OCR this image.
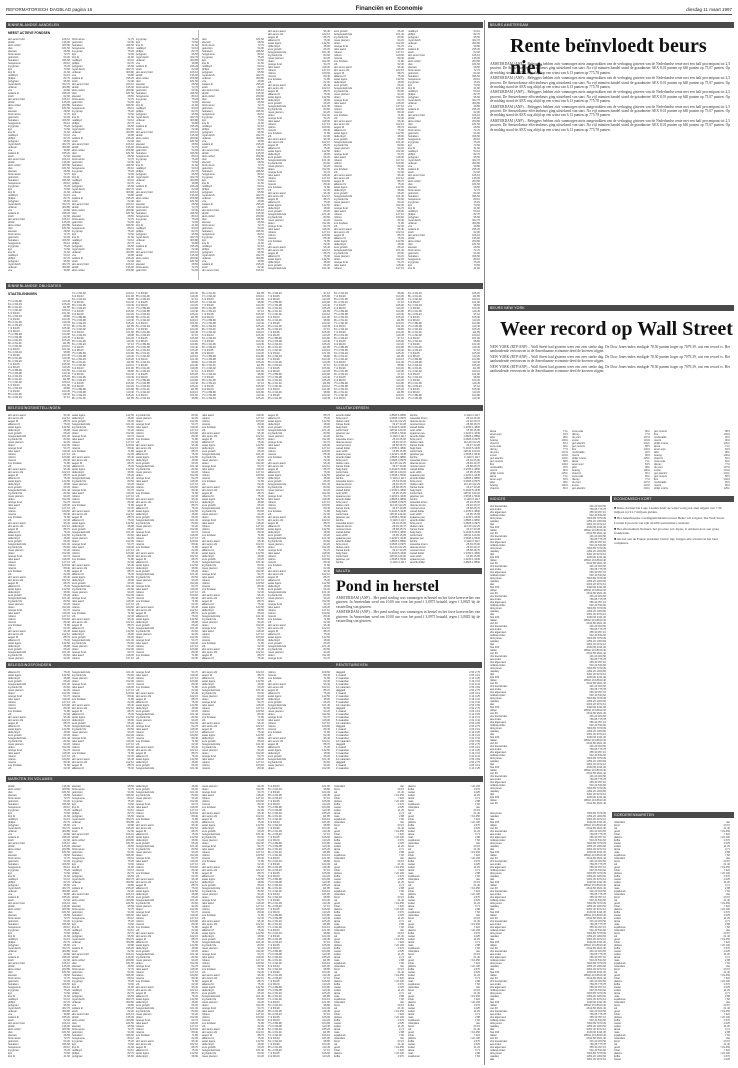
REFORMATORISCH DAGBLAD pagina 16	Financiën en Economie	dinsdag 11 maart 1997
BINNENLANDSE AANDELEN
MEEST ACTIEVE FONDSEN
abn amro hold	106,10
ahold	135,00
akzo nobel	260,80
dsm	181,50
elsevier	28,50
fortis amev	72,70
getronics	54,00
heineken	346,50
hoogovens	89,10
ing groep	75,20
kpn	73,60
knp bt	41,60
nedlloyd	53,10
philips	82,70
polygram	95,50
royal dutch	322,70
unilever	360,80
vnu	39,80
wolters kl	235,20
stork	62,00
abn amro hold	106,10
ahold	135,00
akzo nobel	260,80
dsm	181,50
elsevier	28,50
fortis amev	72,70
getronics	54,00
heineken	346,50
hoogovens	89,10
ing groep	75,20
kpn	73,60
knp bt	41,60
nedlloyd	53,10
philips	82,70
polygram	95,50
royal dutch	322,70
unilever	360,80
vnu	39,80
wolters kl	235,20
stork	62,00
abn amro hold	106,10
ahold	135,00
akzo nobel	260,80
dsm	181,50
elsevier	28,50
fortis amev	72,70
getronics	54,00
heineken	346,50
hoogovens	89,10
ing groep	75,20
kpn	73,60
knp bt	41,60
nedlloyd	53,10
philips	82,70
polygram	95,50
royal dutch	322,70
unilever	360,80
vnu	39,80
wolters kl	235,20
stork	62,00
abn amro hold	106,10
ahold	135,00
akzo nobel	260,80
dsm	181,50
elsevier	28,50
fortis amev	72,70
getronics	54,00
heineken	346,50
hoogovens	89,10
ing groep	75,20
kpn	73,60
knp bt	41,60
nedlloyd	53,10
philips	82,70
polygram	95,50
royal dutch	322,70
unilever	360,80
vnu	39,80
fortis amev	72,70
getronics	54,00
heineken	346,50
hoogovens	89,10
ing groep	75,20
kpn	73,60
knp bt	41,60
nedlloyd	53,10
philips	82,70
polygram	95,50
royal dutch	322,70
unilever	360,80
vnu	39,80
wolters kl	235,20
stork	62,00
abn amro hold	106,10
ahold	135,00
akzo nobel	260,80
dsm	181,50
elsevier	28,50
fortis amev	72,70
getronics	54,00
heineken	346,50
hoogovens	89,10
ing groep	75,20
kpn	73,60
knp bt	41,60
nedlloyd	53,10
philips	82,70
polygram	95,50
royal dutch	322,70
unilever	360,80
vnu	39,80
wolters kl	235,20
stork	62,00
abn amro hold	106,10
ahold	135,00
akzo nobel	260,80
dsm	181,50
elsevier	28,50
fortis amev	72,70
getronics	54,00
heineken	346,50
hoogovens	89,10
ing groep	75,20
kpn	73,60
knp bt	41,60
nedlloyd	53,10
philips	82,70
polygram	95,50
royal dutch	322,70
unilever	360,80
vnu	39,80
wolters kl	235,20
stork	62,00
abn amro hold	106,10
ahold	135,00
akzo nobel	260,80
dsm	181,50
elsevier	28,50
fortis amev	72,70
getronics	54,00
heineken	346,50
hoogovens	89,10
ing groep	75,20
kpn	73,60
knp bt	41,60
nedlloyd	53,10
philips	82,70
polygram	95,50
royal dutch	322,70
unilever	360,80
vnu	39,80
wolters kl	235,20
stork	62,00
abn amro hold	106,10
ahold	135,00
akzo nobel	260,80
ing groep	75,20
kpn	73,60
knp bt	41,60
nedlloyd	53,10
philips	82,70
polygram	95,50
royal dutch	322,70
unilever	360,80
vnu	39,80
wolters kl	235,20
stork	62,00
abn amro hold	106,10
ahold	135,00
akzo nobel	260,80
dsm	181,50
elsevier	28,50
fortis amev	72,70
getronics	54,00
heineken	346,50
hoogovens	89,10
ing groep	75,20
kpn	73,60
knp bt	41,60
nedlloyd	53,10
philips	82,70
polygram	95,50
royal dutch	322,70
unilever	360,80
vnu	39,80
wolters kl	235,20
stork	62,00
abn amro hold	106,10
ahold	135,00
akzo nobel	260,80
dsm	181,50
elsevier	28,50
fortis amev	72,70
getronics	54,00
heineken	346,50
hoogovens	89,10
ing groep	75,20
kpn	73,60
knp bt	41,60
nedlloyd	53,10
philips	82,70
polygram	95,50
royal dutch	322,70
unilever	360,80
vnu	39,80
wolters kl	235,20
stork	62,00
abn amro hold	106,10
ahold	135,00
akzo nobel	260,80
dsm	181,50
elsevier	28,50
fortis amev	72,70
getronics	54,00
heineken	346,50
hoogovens	89,10
ing groep	75,20
kpn	73,60
knp bt	41,60
nedlloyd	53,10
philips	82,70
polygram	95,50
royal dutch	322,70
unilever	360,80
vnu	39,80
wolters kl	235,20
stork	62,00
abn amro hold	106,10
ahold	135,00
akzo nobel	260,80
dsm	181,50
elsevier	28,50
fortis amev	72,70
getronics	54,00
dsm	181,50
elsevier	28,50
fortis amev	72,70
getronics	54,00
heineken	346,50
hoogovens	89,10
ing groep	75,20
kpn	73,60
knp bt	41,60
nedlloyd	53,10
philips	82,70
polygram	95,50
royal dutch	322,70
unilever	360,80
vnu	39,80
wolters kl	235,20
stork	62,00
abn amro hold	106,10
ahold	135,00
akzo nobel	260,80
dsm	181,50
elsevier	28,50
fortis amev	72,70
getronics	54,00
heineken	346,50
hoogovens	89,10
ing groep	75,20
kpn	73,60
knp bt	41,60
nedlloyd	53,10
philips	82,70
polygram	95,50
royal dutch	322,70
unilever	360,80
vnu	39,80
wolters kl	235,20
stork	62,00
abn amro hold	106,10
ahold	135,00
akzo nobel	260,80
dsm	181,50
elsevier	28,50
fortis amev	72,70
getronics	54,00
heineken	346,50
hoogovens	89,10
ing groep	75,20
kpn	73,60
knp bt	41,60
nedlloyd	53,10
philips	82,70
polygram	95,50
royal dutch	322,70
unilever	360,80
vnu	39,80
wolters kl	235,20
stork	62,00
abn amro hold	106,10
ahold	135,00
akzo nobel	260,80
dsm	181,50
elsevier	28,50
fortis amev	72,70
getronics	54,00
heineken	346,50
hoogovens	89,10
ing groep	75,20
kpn	73,60
knp bt	41,60
nedlloyd	53,10
philips	82,70
polygram	95,50
royal dutch	322,70
unilever	360,80
vnu	39,80
wolters kl	235,20
stork	62,00
abn amro hold	106,10
abn amro aand	96,40
abn amro obl	102,10
aegon fd	88,70
alliance fd	75,30
asian tigers	142,50
delta lloyd	48,90
euro growth	66,20
hoogrentefonds	101,40
ing bank fds	83,60
mees pierson	94,20
obam	312,00
orange fund	54,70
rabo aand	118,30
robeco	127,10
rolinco	109,60
rorento	89,40
sns fondsen	71,80
vib	62,30
abn amro aand	96,40
abn amro obl	102,10
aegon fd	88,70
alliance fd	75,30
asian tigers	142,50
delta lloyd	48,90
euro growth	66,20
hoogrentefonds	101,40
ing bank fds	83,60
mees pierson	94,20
obam	312,00
orange fund	54,70
rabo aand	118,30
robeco	127,10
rolinco	109,60
rorento	89,40
sns fondsen	71,80
vib	62,30
abn amro aand	96,40
abn amro obl	102,10
aegon fd	88,70
alliance fd	75,30
asian tigers	142,50
delta lloyd	48,90
euro growth	66,20
hoogrentefonds	101,40
ing bank fds	83,60
mees pierson	94,20
obam	312,00
orange fund	54,70
rabo aand	118,30
robeco	127,10
rolinco	109,60
rorento	89,40
sns fondsen	71,80
vib	62,30
abn amro aand	96,40
abn amro obl	102,10
aegon fd	88,70
alliance fd	75,30
asian tigers	142,50
delta lloyd	48,90
euro growth	66,20
hoogrentefonds	101,40
ing bank fds	83,60
mees pierson	94,20
obam	312,00
orange fund	54,70
rabo aand	118,30
robeco	127,10
rolinco	109,60
rorento	89,40
sns fondsen	71,80
vib	62,30
abn amro aand	96,40
abn amro obl	102,10
aegon fd	88,70
alliance fd	75,30
asian tigers	142,50
delta lloyd	48,90
euro growth	66,20
hoogrentefonds	101,40
euro growth	66,20
hoogrentefonds	101,40
ing bank fds	83,60
mees pierson	94,20
obam	312,00
orange fund	54,70
rabo aand	118,30
robeco	127,10
rolinco	109,60
rorento	89,40
sns fondsen	71,80
vib	62,30
abn amro aand	96,40
abn amro obl	102,10
aegon fd	88,70
alliance fd	75,30
asian tigers	142,50
delta lloyd	48,90
euro growth	66,20
hoogrentefonds	101,40
ing bank fds	83,60
mees pierson	94,20
obam	312,00
orange fund	54,70
rabo aand	118,30
robeco	127,10
rolinco	109,60
rorento	89,40
sns fondsen	71,80
vib	62,30
abn amro aand	96,40
abn amro obl	102,10
aegon fd	88,70
alliance fd	75,30
asian tigers	142,50
delta lloyd	48,90
euro growth	66,20
hoogrentefonds	101,40
ing bank fds	83,60
mees pierson	94,20
obam	312,00
orange fund	54,70
rabo aand	118,30
robeco	127,10
rolinco	109,60
rorento	89,40
sns fondsen	71,80
vib	62,30
abn amro aand	96,40
abn amro obl	102,10
aegon fd	88,70
alliance fd	75,30
asian tigers	142,50
delta lloyd	48,90
euro growth	66,20
hoogrentefonds	101,40
ing bank fds	83,60
mees pierson	94,20
obam	312,00
orange fund	54,70
rabo aand	118,30
robeco	127,10
rolinco	109,60
rorento	89,40
sns fondsen	71,80
vib	62,30
abn amro aand	96,40
abn amro obl	102,10
aegon fd	88,70
alliance fd	75,30
asian tigers	142,50
delta lloyd	48,90
euro growth	66,20
hoogrentefonds	101,40
ing bank fds	83,60
mees pierson	94,20
obam	312,00
orange fund	54,70
rabo aand	118,30
robeco	127,10
nedlloyd	53,10
philips	82,70
polygram	95,50
royal dutch	322,70
unilever	360,80
vnu	39,80
wolters kl	235,20
stork	62,00
abn amro hold	106,10
ahold	135,00
akzo nobel	260,80
dsm	181,50
elsevier	28,50
fortis amev	72,70
getronics	54,00
heineken	346,50
hoogovens	89,10
ing groep	75,20
kpn	73,60
knp bt	41,60
nedlloyd	53,10
philips	82,70
polygram	95,50
royal dutch	322,70
unilever	360,80
vnu	39,80
wolters kl	235,20
stork	62,00
abn amro hold	106,10
ahold	135,00
akzo nobel	260,80
dsm	181,50
elsevier	28,50
fortis amev	72,70
getronics	54,00
heineken	346,50
hoogovens	89,10
ing groep	75,20
kpn	73,60
knp bt	41,60
nedlloyd	53,10
philips	82,70
polygram	95,50
royal dutch	322,70
unilever	360,80
vnu	39,80
wolters kl	235,20
stork	62,00
abn amro hold	106,10
ahold	135,00
akzo nobel	260,80
dsm	181,50
elsevier	28,50
fortis amev	72,70
getronics	54,00
heineken	346,50
hoogovens	89,10
ing groep	75,20
kpn	73,60
knp bt	41,60
nedlloyd	53,10
philips	82,70
polygram	95,50
royal dutch	322,70
unilever	360,80
vnu	39,80
wolters kl	235,20
stork	62,00
abn amro hold	106,10
ahold	135,00
akzo nobel	260,80
dsm	181,50
elsevier	28,50
fortis amev	72,70
getronics	54,00
heineken	346,50
hoogovens	89,10
ing groep	75,20
kpn	73,60
knp bt	41,60
BINNENLANDSE OBLIGATIES
STAATSLENINGEN
7½ nl 93-08	110,40
6¾ nl 94-04	105,20
8¼ nl 91-01	111,85
7¾ nl 92-02	109,10
6 nl 93-03	101,90
5¾ nl 94-04	98,80
7 nl 93-99	104,30
8½ nl 91-06	119,45
6¼ nl 93-23	97,10
7 nl 94-05	105,90
9 nl 90-00	113,20
7½ nl 89-99	104,80
7½ nl 93-08	110,40
6¾ nl 94-04	105,20
8¼ nl 91-01	111,85
7¾ nl 92-02	109,10
6 nl 93-03	101,90
5¾ nl 94-04	98,80
7 nl 93-99	104,30
8½ nl 91-06	119,45
6¼ nl 93-23	97,10
7 nl 94-05	105,90
9 nl 90-00	113,20
7½ nl 89-99	104,80
7½ nl 93-08	110,40
6¾ nl 94-04	105,20
8¼ nl 91-01	111,85
7¾ nl 92-02	109,10
6 nl 93-03	101,90
5¾ nl 94-04	98,80
7 nl 93-99	104,30
8½ nl 91-06	119,45
6¼ nl 93-23	97,10
7¾ nl 92-02	109,10
6 nl 93-03	101,90
5¾ nl 94-04	98,80
7 nl 93-99	104,30
8½ nl 91-06	119,45
6¼ nl 93-23	97,10
7 nl 94-05	105,90
9 nl 90-00	113,20
7½ nl 89-99	104,80
7½ nl 93-08	110,40
6¾ nl 94-04	105,20
8¼ nl 91-01	111,85
7¾ nl 92-02	109,10
6 nl 93-03	101,90
5¾ nl 94-04	98,80
7 nl 93-99	104,30
8½ nl 91-06	119,45
6¼ nl 93-23	97,10
7 nl 94-05	105,90
9 nl 90-00	113,20
7½ nl 89-99	104,80
7½ nl 93-08	110,40
6¾ nl 94-04	105,20
8¼ nl 91-01	111,85
7¾ nl 92-02	109,10
6 nl 93-03	101,90
5¾ nl 94-04	98,80
7 nl 93-99	104,30
8½ nl 91-06	119,45
6¼ nl 93-23	97,10
7 nl 94-05	105,90
9 nl 90-00	113,20
7½ nl 89-99	104,80
7½ nl 93-08	110,40
6¾ nl 94-04	105,20
8¼ nl 91-01	111,85
7 nl 93-99	104,30
8½ nl 91-06	119,45
6¼ nl 93-23	97,10
7 nl 94-05	105,90
9 nl 90-00	113,20
7½ nl 89-99	104,80
7½ nl 93-08	110,40
6¾ nl 94-04	105,20
8¼ nl 91-01	111,85
7¾ nl 92-02	109,10
6 nl 93-03	101,90
5¾ nl 94-04	98,80
7 nl 93-99	104,30
8½ nl 91-06	119,45
6¼ nl 93-23	97,10
7 nl 94-05	105,90
9 nl 90-00	113,20
7½ nl 89-99	104,80
7½ nl 93-08	110,40
6¾ nl 94-04	105,20
8¼ nl 91-01	111,85
7¾ nl 92-02	109,10
6 nl 93-03	101,90
5¾ nl 94-04	98,80
7 nl 93-99	104,30
8½ nl 91-06	119,45
6¼ nl 93-23	97,10
7 nl 94-05	105,90
9 nl 90-00	113,20
7½ nl 89-99	104,80
7½ nl 93-08	110,40
6¾ nl 94-04	105,20
8¼ nl 91-01	111,85
7¾ nl 92-02	109,10
6 nl 93-03	101,90
5¾ nl 94-04	98,80
8¼ nl 91-01	111,85
7¾ nl 92-02	109,10
6 nl 93-03	101,90
5¾ nl 94-04	98,80
7 nl 93-99	104,30
8½ nl 91-06	119,45
6¼ nl 93-23	97,10
7 nl 94-05	105,90
9 nl 90-00	113,20
7½ nl 89-99	104,80
7½ nl 93-08	110,40
6¾ nl 94-04	105,20
8¼ nl 91-01	111,85
7¾ nl 92-02	109,10
6 nl 93-03	101,90
5¾ nl 94-04	98,80
7 nl 93-99	104,30
8½ nl 91-06	119,45
6¼ nl 93-23	97,10
7 nl 94-05	105,90
9 nl 90-00	113,20
7½ nl 89-99	104,80
7½ nl 93-08	110,40
6¾ nl 94-04	105,20
8¼ nl 91-01	111,85
7¾ nl 92-02	109,10
6 nl 93-03	101,90
5¾ nl 94-04	98,80
7 nl 93-99	104,30
8½ nl 91-06	119,45
6¼ nl 93-23	97,10
7 nl 94-05	105,90
9 nl 90-00	113,20
7½ nl 89-99	104,80
7½ nl 93-08	110,40
6¾ nl 94-04	105,20
6¼ nl 93-23	97,10
7 nl 94-05	105,90
9 nl 90-00	113,20
7½ nl 89-99	104,80
7½ nl 93-08	110,40
6¾ nl 94-04	105,20
8¼ nl 91-01	111,85
7¾ nl 92-02	109,10
6 nl 93-03	101,90
5¾ nl 94-04	98,80
7 nl 93-99	104,30
8½ nl 91-06	119,45
6¼ nl 93-23	97,10
7 nl 94-05	105,90
9 nl 90-00	113,20
7½ nl 89-99	104,80
7½ nl 93-08	110,40
6¾ nl 94-04	105,20
8¼ nl 91-01	111,85
7¾ nl 92-02	109,10
6 nl 93-03	101,90
5¾ nl 94-04	98,80
7 nl 93-99	104,30
8½ nl 91-06	119,45
6¼ nl 93-23	97,10
7 nl 94-05	105,90
9 nl 90-00	113,20
7½ nl 89-99	104,80
7½ nl 93-08	110,40
6¾ nl 94-04	105,20
8¼ nl 91-01	111,85
7¾ nl 92-02	109,10
6 nl 93-03	101,90
5¾ nl 94-04	98,80
7 nl 93-99	104,30
8½ nl 91-06	119,45
5¾ nl 94-04	98,80
7 nl 93-99	104,30
8½ nl 91-06	119,45
6¼ nl 93-23	97,10
7 nl 94-05	105,90
9 nl 90-00	113,20
7½ nl 89-99	104,80
7½ nl 93-08	110,40
6¾ nl 94-04	105,20
8¼ nl 91-01	111,85
7¾ nl 92-02	109,10
6 nl 93-03	101,90
5¾ nl 94-04	98,80
7 nl 93-99	104,30
8½ nl 91-06	119,45
6¼ nl 93-23	97,10
7 nl 94-05	105,90
9 nl 90-00	113,20
7½ nl 89-99	104,80
7½ nl 93-08	110,40
6¾ nl 94-04	105,20
8¼ nl 91-01	111,85
7¾ nl 92-02	109,10
6 nl 93-03	101,90
5¾ nl 94-04	98,80
7 nl 93-99	104,30
8½ nl 91-06	119,45
6¼ nl 93-23	97,10
7 nl 94-05	105,90
9 nl 90-00	113,20
7½ nl 89-99	104,80
7½ nl 93-08	110,40
6¾ nl 94-04	105,20
8¼ nl 91-01	111,85
7¾ nl 92-02	109,10
6 nl 93-03	101,90
6¾ nl 94-04	105,20
8¼ nl 91-01	111,85
7¾ nl 92-02	109,10
6 nl 93-03	101,90
5¾ nl 94-04	98,80
7 nl 93-99	104,30
8½ nl 91-06	119,45
6¼ nl 93-23	97,10
7 nl 94-05	105,90
9 nl 90-00	113,20
7½ nl 89-99	104,80
7½ nl 93-08	110,40
6¾ nl 94-04	105,20
8¼ nl 91-01	111,85
7¾ nl 92-02	109,10
6 nl 93-03	101,90
5¾ nl 94-04	98,80
7 nl 93-99	104,30
8½ nl 91-06	119,45
6¼ nl 93-23	97,10
7 nl 94-05	105,90
9 nl 90-00	113,20
7½ nl 89-99	104,80
7½ nl 93-08	110,40
6¾ nl 94-04	105,20
8¼ nl 91-01	111,85
7¾ nl 92-02	109,10
6 nl 93-03	101,90
5¾ nl 94-04	98,80
7 nl 93-99	104,30
8½ nl 91-06	119,45
6¼ nl 93-23	97,10
7 nl 94-05	105,90
9 nl 90-00	113,20
7½ nl 89-99	104,80
7½ nl 93-08	110,40
BELEGGINGSINSTELLINGEN
abn amro aand	96,40
abn amro obl	102,10
aegon fd	88,70
alliance fd	75,30
asian tigers	142,50
delta lloyd	48,90
euro growth	66,20
hoogrentefonds	101,40
ing bank fds	83,60
mees pierson	94,20
obam	312,00
orange fund	54,70
rabo aand	118,30
robeco	127,10
rolinco	109,60
rorento	89,40
sns fondsen	71,80
vib	62,30
abn amro aand	96,40
abn amro obl	102,10
aegon fd	88,70
alliance fd	75,30
asian tigers	142,50
delta lloyd	48,90
euro growth	66,20
hoogrentefonds	101,40
ing bank fds	83,60
mees pierson	94,20
obam	312,00
orange fund	54,70
rabo aand	118,30
robeco	127,10
rolinco	109,60
rorento	89,40
sns fondsen	71,80
vib	62,30
abn amro aand	96,40
abn amro obl	102,10
aegon fd	88,70
alliance fd	75,30
asian tigers	142,50
delta lloyd	48,90
euro growth	66,20
hoogrentefonds	101,40
ing bank fds	83,60
mees pierson	94,20
obam	312,00
orange fund	54,70
rabo aand	118,30
robeco	127,10
rolinco	109,60
rorento	89,40
sns fondsen	71,80
vib	62,30
abn amro aand	96,40
abn amro obl	102,10
aegon fd	88,70
alliance fd	75,30
asian tigers	142,50
delta lloyd	48,90
euro growth	66,20
hoogrentefonds	101,40
ing bank fds	83,60
mees pierson	94,20
obam	312,00
orange fund	54,70
rabo aand	118,30
robeco	127,10
rolinco	109,60
rorento	89,40
sns fondsen	71,80
vib	62,30
abn amro aand	96,40
abn amro obl	102,10
aegon fd	88,70
alliance fd	75,30
asian tigers	142,50
delta lloyd	48,90
euro growth	66,20
hoogrentefonds	101,40
ing bank fds	83,60
mees pierson	94,20
asian tigers	142,50
delta lloyd	48,90
euro growth	66,20
hoogrentefonds	101,40
ing bank fds	83,60
mees pierson	94,20
obam	312,00
orange fund	54,70
rabo aand	118,30
robeco	127,10
rolinco	109,60
rorento	89,40
sns fondsen	71,80
vib	62,30
abn amro aand	96,40
abn amro obl	102,10
aegon fd	88,70
alliance fd	75,30
asian tigers	142,50
delta lloyd	48,90
euro growth	66,20
hoogrentefonds	101,40
ing bank fds	83,60
mees pierson	94,20
obam	312,00
orange fund	54,70
rabo aand	118,30
robeco	127,10
rolinco	109,60
rorento	89,40
sns fondsen	71,80
vib	62,30
abn amro aand	96,40
abn amro obl	102,10
aegon fd	88,70
alliance fd	75,30
asian tigers	142,50
delta lloyd	48,90
euro growth	66,20
hoogrentefonds	101,40
ing bank fds	83,60
mees pierson	94,20
obam	312,00
orange fund	54,70
rabo aand	118,30
robeco	127,10
rolinco	109,60
rorento	89,40
sns fondsen	71,80
vib	62,30
abn amro aand	96,40
abn amro obl	102,10
aegon fd	88,70
alliance fd	75,30
asian tigers	142,50
delta lloyd	48,90
euro growth	66,20
hoogrentefonds	101,40
ing bank fds	83,60
mees pierson	94,20
obam	312,00
orange fund	54,70
rabo aand	118,30
robeco	127,10
rolinco	109,60
rorento	89,40
sns fondsen	71,80
vib	62,30
abn amro aand	96,40
abn amro obl	102,10
aegon fd	88,70
alliance fd	75,30
asian tigers	142,50
delta lloyd	48,90
euro growth	66,20
hoogrentefonds	101,40
ing bank fds	83,60
mees pierson	94,20
obam	312,00
orange fund	54,70
rabo aand	118,30
robeco	127,10
ing bank fds	83,60
mees pierson	94,20
obam	312,00
orange fund	54,70
rabo aand	118,30
robeco	127,10
rolinco	109,60
rorento	89,40
sns fondsen	71,80
vib	62,30
abn amro aand	96,40
abn amro obl	102,10
aegon fd	88,70
alliance fd	75,30
asian tigers	142,50
delta lloyd	48,90
euro growth	66,20
hoogrentefonds	101,40
ing bank fds	83,60
mees pierson	94,20
obam	312,00
orange fund	54,70
rabo aand	118,30
robeco	127,10
rolinco	109,60
rorento	89,40
sns fondsen	71,80
vib	62,30
abn amro aand	96,40
abn amro obl	102,10
aegon fd	88,70
alliance fd	75,30
asian tigers	142,50
delta lloyd	48,90
euro growth	66,20
hoogrentefonds	101,40
ing bank fds	83,60
mees pierson	94,20
obam	312,00
orange fund	54,70
rabo aand	118,30
robeco	127,10
rolinco	109,60
rorento	89,40
sns fondsen	71,80
vib	62,30
abn amro aand	96,40
abn amro obl	102,10
aegon fd	88,70
alliance fd	75,30
asian tigers	142,50
delta lloyd	48,90
euro growth	66,20
hoogrentefonds	101,40
ing bank fds	83,60
mees pierson	94,20
obam	312,00
orange fund	54,70
rabo aand	118,30
robeco	127,10
rolinco	109,60
rorento	89,40
sns fondsen	71,80
vib	62,30
abn amro aand	96,40
abn amro obl	102,10
aegon fd	88,70
alliance fd	75,30
asian tigers	142,50
delta lloyd	48,90
euro growth	66,20
hoogrentefonds	101,40
ing bank fds	83,60
mees pierson	94,20
obam	312,00
orange fund	54,70
rabo aand	118,30
robeco	127,10
rolinco	109,60
rorento	89,40
sns fondsen	71,80
vib	62,30
rabo aand	118,30
robeco	127,10
rolinco	109,60
rorento	89,40
sns fondsen	71,80
vib	62,30
abn amro aand	96,40
abn amro obl	102,10
aegon fd	88,70
alliance fd	75,30
asian tigers	142,50
delta lloyd	48,90
euro growth	66,20
hoogrentefonds	101,40
ing bank fds	83,60
mees pierson	94,20
obam	312,00
orange fund	54,70
rabo aand	118,30
robeco	127,10
rolinco	109,60
rorento	89,40
sns fondsen	71,80
vib	62,30
abn amro aand	96,40
abn amro obl	102,10
aegon fd	88,70
alliance fd	75,30
asian tigers	142,50
delta lloyd	48,90
euro growth	66,20
hoogrentefonds	101,40
ing bank fds	83,60
mees pierson	94,20
obam	312,00
orange fund	54,70
rabo aand	118,30
robeco	127,10
rolinco	109,60
rorento	89,40
sns fondsen	71,80
vib	62,30
abn amro aand	96,40
abn amro obl	102,10
aegon fd	88,70
alliance fd	75,30
asian tigers	142,50
delta lloyd	48,90
euro growth	66,20
hoogrentefonds	101,40
ing bank fds	83,60
mees pierson	94,20
obam	312,00
orange fund	54,70
rabo aand	118,30
robeco	127,10
rolinco	109,60
rorento	89,40
sns fondsen	71,80
vib	62,30
abn amro aand	96,40
abn amro obl	102,10
aegon fd	88,70
alliance fd	75,30
asian tigers	142,50
delta lloyd	48,90
euro growth	66,20
hoogrentefonds	101,40
ing bank fds	83,60
mees pierson	94,20
obam	312,00
orange fund	54,70
rabo aand	118,30
robeco	127,10
rolinco	109,60
rorento	89,40
sns fondsen	71,80
vib	62,30
abn amro aand	96,40
abn amro obl	102,10
aegon fd	88,70
alliance fd	75,30
aegon fd	88,70
alliance fd	75,30
asian tigers	142,50
delta lloyd	48,90
euro growth	66,20
hoogrentefonds	101,40
ing bank fds	83,60
mees pierson	94,20
obam	312,00
orange fund	54,70
rabo aand	118,30
robeco	127,10
rolinco	109,60
rorento	89,40
sns fondsen	71,80
vib	62,30
abn amro aand	96,40
abn amro obl	102,10
aegon fd	88,70
alliance fd	75,30
asian tigers	142,50
delta lloyd	48,90
euro growth	66,20
hoogrentefonds	101,40
ing bank fds	83,60
mees pierson	94,20
obam	312,00
orange fund	54,70
rabo aand	118,30
robeco	127,10
rolinco	109,60
rorento	89,40
sns fondsen	71,80
vib	62,30
abn amro aand	96,40
abn amro obl	102,10
aegon fd	88,70
alliance fd	75,30
asian tigers	142,50
delta lloyd	48,90
euro growth	66,20
hoogrentefonds	101,40
ing bank fds	83,60
mees pierson	94,20
obam	312,00
orange fund	54,70
rabo aand	118,30
robeco	127,10
rolinco	109,60
rorento	89,40
sns fondsen	71,80
vib	62,30
abn amro aand	96,40
abn amro obl	102,10
aegon fd	88,70
alliance fd	75,30
asian tigers	142,50
delta lloyd	48,90
euro growth	66,20
hoogrentefonds	101,40
ing bank fds	83,60
mees pierson	94,20
obam	312,00
orange fund	54,70
rabo aand	118,30
robeco	127,10
rolinco	109,60
rorento	89,40
sns fondsen	71,80
vib	62,30
abn amro aand	96,40
abn amro obl	102,10
aegon fd	88,70
alliance fd	75,30
asian tigers	142,50
delta lloyd	48,90
euro growth	66,20
hoogrentefonds	101,40
ing bank fds	83,60
mees pierson	94,20
obam	312,00
orange fund	54,70
VALUTAKOERSEN
amerik dollar	1,8825 1,8860
brits pond	3,0825 3,0975
duitse mark	112,26 112,25
franse frank	33,27 33,28
belg frank	5,4440 5,4445
zwits frank	128,91 129,02
japanse yen	1,5635 1,5640
ital lire	0,1116 0,1117
zweedse kroon	25,04 25,06
deense kroon	29,46 29,47
noorse kroon	28,68 28,70
canad dollar	1,3780 1,3800
oost schill	15,95 15,95
spaanse pes	1,3240 1,3245
amerik dollar	1,8825 1,8860
brits pond	3,0825 3,0975
duitse mark	112,26 112,25
franse frank	33,27 33,28
belg frank	5,4440 5,4445
zwits frank	128,91 129,02
japanse yen	1,5635 1,5640
ital lire	0,1116 0,1117
zweedse kroon	25,04 25,06
deense kroon	29,46 29,47
noorse kroon	28,68 28,70
canad dollar	1,3780 1,3800
oost schill	15,95 15,95
spaanse pes	1,3240 1,3245
amerik dollar	1,8825 1,8860
brits pond	3,0825 3,0975
duitse mark	112,26 112,25
franse frank	33,27 33,28
belg frank	5,4440 5,4445
zwits frank	128,91 129,02
japanse yen	1,5635 1,5640
ital lire	0,1116 0,1117
zweedse kroon	25,04 25,06
deense kroon	29,46 29,47
noorse kroon	28,68 28,70
canad dollar	1,3780 1,3800
oost schill	15,95 15,95
spaanse pes	1,3240 1,3245
amerik dollar	1,8825 1,8860
brits pond	3,0825 3,0975
duitse mark	112,26 112,25
franse frank	33,27 33,28
belg frank	5,4440 5,4445
zwits frank	128,91 129,02
japanse yen	1,5635 1,5640
ital lire	0,1116 0,1117
ital lire	0,1116 0,1117
zweedse kroon	25,04 25,06
deense kroon	29,46 29,47
noorse kroon	28,68 28,70
canad dollar	1,3780 1,3800
oost schill	15,95 15,95
spaanse pes	1,3240 1,3245
amerik dollar	1,8825 1,8860
brits pond	3,0825 3,0975
duitse mark	112,26 112,25
franse frank	33,27 33,28
belg frank	5,4440 5,4445
zwits frank	128,91 129,02
japanse yen	1,5635 1,5640
ital lire	0,1116 0,1117
zweedse kroon	25,04 25,06
deense kroon	29,46 29,47
noorse kroon	28,68 28,70
canad dollar	1,3780 1,3800
oost schill	15,95 15,95
spaanse pes	1,3240 1,3245
amerik dollar	1,8825 1,8860
brits pond	3,0825 3,0975
duitse mark	112,26 112,25
franse frank	33,27 33,28
belg frank	5,4440 5,4445
zwits frank	128,91 129,02
japanse yen	1,5635 1,5640
ital lire	0,1116 0,1117
zweedse kroon	25,04 25,06
deense kroon	29,46 29,47
noorse kroon	28,68 28,70
canad dollar	1,3780 1,3800
oost schill	15,95 15,95
spaanse pes	1,3240 1,3245
amerik dollar	1,8825 1,8860
brits pond	3,0825 3,0975
duitse mark	112,26 112,25
franse frank	33,27 33,28
belg frank	5,4440 5,4445
zwits frank	128,91 129,02
japanse yen	1,5635 1,5640
ital lire	0,1116 0,1117
zweedse kroon	25,04 25,06
deense kroon	29,46 29,47
noorse kroon	28,68 28,70
canad dollar	1,3780 1,3800
oost schill	15,95 15,95
spaanse pes	1,3240 1,3245
amerik dollar	1,8825 1,8860
VALUTA
Pond in herstel

AMSTERDAM (ANP) – Het pond sterling was vanmorgen in herstel na het forse koersverlies van gisteren. In Amsterdam werd om 10.00 uur voor het pond f 3,0975 betaald, tegen f 3,0825 bij de vaststelling van gisteren.

AMSTERDAM (ANP) – Het pond sterling was vanmorgen in herstel na het forse koersverlies van gisteren. In Amsterdam werd om 10.00 uur voor het pond f 3,0975 betaald, tegen f 3,0825 bij de vaststelling van gisteren.

BELEGGINGSFONDSEN
alliance fd	75,30
asian tigers	142,50
delta lloyd	48,90
euro growth	66,20
hoogrentefonds	101,40
ing bank fds	83,60
mees pierson	94,20
obam	312,00
orange fund	54,70
rabo aand	118,30
robeco	127,10
rolinco	109,60
rorento	89,40
sns fondsen	71,80
vib	62,30
abn amro aand	96,40
abn amro obl	102,10
aegon fd	88,70
alliance fd	75,30
asian tigers	142,50
delta lloyd	48,90
euro growth	66,20
hoogrentefonds	101,40
ing bank fds	83,60
mees pierson	94,20
obam	312,00
orange fund	54,70
rabo aand	118,30
robeco	127,10
rolinco	109,60
rorento	89,40
sns fondsen	71,80
vib	62,30
hoogrentefonds	101,40
ing bank fds	83,60
mees pierson	94,20
obam	312,00
orange fund	54,70
rabo aand	118,30
robeco	127,10
rolinco	109,60
rorento	89,40
sns fondsen	71,80
vib	62,30
abn amro aand	96,40
abn amro obl	102,10
aegon fd	88,70
alliance fd	75,30
asian tigers	142,50
delta lloyd	48,90
euro growth	66,20
hoogrentefonds	101,40
ing bank fds	83,60
mees pierson	94,20
obam	312,00
orange fund	54,70
rabo aand	118,30
robeco	127,10
rolinco	109,60
rorento	89,40
sns fondsen	71,80
vib	62,30
abn amro aand	96,40
abn amro obl	102,10
aegon fd	88,70
alliance fd	75,30
orange fund	54,70
rabo aand	118,30
robeco	127,10
rolinco	109,60
rorento	89,40
sns fondsen	71,80
vib	62,30
abn amro aand	96,40
abn amro obl	102,10
aegon fd	88,70
alliance fd	75,30
asian tigers	142,50
delta lloyd	48,90
euro growth	66,20
hoogrentefonds	101,40
ing bank fds	83,60
mees pierson	94,20
obam	312,00
orange fund	54,70
rabo aand	118,30
robeco	127,10
rolinco	109,60
rorento	89,40
sns fondsen	71,80
vib	62,30
abn amro aand	96,40
abn amro obl	102,10
aegon fd	88,70
alliance fd	75,30
asian tigers	142,50
delta lloyd	48,90
euro growth	66,20
hoogrentefonds	101,40
abn amro obl	102,10
aegon fd	88,70
alliance fd	75,30
asian tigers	142,50
delta lloyd	48,90
euro growth	66,20
hoogrentefonds	101,40
ing bank fds	83,60
mees pierson	94,20
obam	312,00
orange fund	54,70
rabo aand	118,30
robeco	127,10
rolinco	109,60
rorento	89,40
sns fondsen	71,80
vib	62,30
abn amro aand	96,40
abn amro obl	102,10
aegon fd	88,70
alliance fd	75,30
asian tigers	142,50
delta lloyd	48,90
euro growth	66,20
hoogrentefonds	101,40
ing bank fds	83,60
mees pierson	94,20
obam	312,00
orange fund	54,70
rabo aand	118,30
robeco	127,10
rolinco	109,60
rorento	89,40
rolinco	109,60
rorento	89,40
sns fondsen	71,80
vib	62,30
abn amro aand	96,40
abn amro obl	102,10
aegon fd	88,70
alliance fd	75,30
asian tigers	142,50
delta lloyd	48,90
euro growth	66,20
hoogrentefonds	101,40
ing bank fds	83,60
mees pierson	94,20
obam	312,00
orange fund	54,70
rabo aand	118,30
robeco	127,10
rolinco	109,60
rorento	89,40
sns fondsen	71,80
vib	62,30
abn amro aand	96,40
abn amro obl	102,10
aegon fd	88,70
alliance fd	75,30
asian tigers	142,50
delta lloyd	48,90
euro growth	66,20
hoogrentefonds	101,40
ing bank fds	83,60
mees pierson	94,20
obam	312,00
RENTETARIEVEN
daggeld	2,50 2,75
1 maand	3,06 3,19
2 maanden	3,12 3,25
3 maanden	3,19 3,31
6 maanden	3,31 3,44
12 maanden	3,56 3,69
daggeld	2,50 2,75
1 maand	3,06 3,19
2 maanden	3,12 3,25
3 maanden	3,19 3,31
6 maanden	3,31 3,44
12 maanden	3,56 3,69
daggeld	2,50 2,75
1 maand	3,06 3,19
2 maanden	3,12 3,25
3 maanden	3,19 3,31
6 maanden	3,31 3,44
12 maanden	3,56 3,69
daggeld	2,50 2,75
1 maand	3,06 3,19
2 maanden	3,12 3,25
3 maanden	3,19 3,31
6 maanden	3,31 3,44
12 maanden	3,56 3,69
daggeld	2,50 2,75
1 maand	3,06 3,19
2 maanden	3,12 3,25
3 maanden	3,19 3,31
6 maanden	3,31 3,44
12 maanden	3,56 3,69
daggeld	2,50 2,75
1 maand	3,06 3,19
2 maanden	3,12 3,25
MARKTEN EN VOLUMES
ahold	135,00
akzo nobel	260,80
dsm	181,50
elsevier	28,50
fortis amev	72,70
getronics	54,00
heineken	346,50
hoogovens	89,10
ing groep	75,20
kpn	73,60
knp bt	41,60
nedlloyd	53,10
philips	82,70
polygram	95,50
royal dutch	322,70
unilever	360,80
vnu	39,80
wolters kl	235,20
stork	62,00
abn amro hold	106,10
ahold	135,00
akzo nobel	260,80
dsm	181,50
elsevier	28,50
fortis amev	72,70
getronics	54,00
heineken	346,50
hoogovens	89,10
ing groep	75,20
kpn	73,60
knp bt	41,60
nedlloyd	53,10
philips	82,70
polygram	95,50
royal dutch	322,70
unilever	360,80
vnu	39,80
wolters kl	235,20
stork	62,00
abn amro hold	106,10
ahold	135,00
akzo nobel	260,80
dsm	181,50
elsevier	28,50
fortis amev	72,70
getronics	54,00
heineken	346,50
hoogovens	89,10
ing groep	75,20
kpn	73,60
knp bt	41,60
nedlloyd	53,10
philips	82,70
polygram	95,50
royal dutch	322,70
unilever	360,80
vnu	39,80
wolters kl	235,20
stork	62,00
abn amro hold	106,10
ahold	135,00
akzo nobel	260,80
dsm	181,50
elsevier	28,50
fortis amev	72,70
getronics	54,00
heineken	346,50
hoogovens	89,10
ing groep	75,20
kpn	73,60
knp bt	41,60
nedlloyd	53,10
philips	82,70
polygram	95,50
royal dutch	322,70
unilever	360,80
vnu	39,80
wolters kl	235,20
stork	62,00
abn amro hold	106,10
ahold	135,00
akzo nobel	260,80
dsm	181,50
elsevier	28,50
fortis amev	72,70
getronics	54,00
heineken	346,50
hoogovens	89,10
ing groep	75,20
kpn	73,60
knp bt	41,60
elsevier	28,50
fortis amev	72,70
getronics	54,00
heineken	346,50
hoogovens	89,10
ing groep	75,20
kpn	73,60
knp bt	41,60
nedlloyd	53,10
philips	82,70
polygram	95,50
royal dutch	322,70
unilever	360,80
vnu	39,80
wolters kl	235,20
stork	62,00
abn amro hold	106,10
ahold	135,00
akzo nobel	260,80
dsm	181,50
elsevier	28,50
fortis amev	72,70
getronics	54,00
heineken	346,50
hoogovens	89,10
ing groep	75,20
kpn	73,60
knp bt	41,60
nedlloyd	53,10
philips	82,70
polygram	95,50
royal dutch	322,70
unilever	360,80
vnu	39,80
wolters kl	235,20
stork	62,00
abn amro hold	106,10
ahold	135,00
akzo nobel	260,80
dsm	181,50
elsevier	28,50
fortis amev	72,70
getronics	54,00
heineken	346,50
hoogovens	89,10
ing groep	75,20
kpn	73,60
knp bt	41,60
nedlloyd	53,10
philips	82,70
polygram	95,50
royal dutch	322,70
unilever	360,80
vnu	39,80
wolters kl	235,20
stork	62,00
abn amro hold	106,10
ahold	135,00
akzo nobel	260,80
dsm	181,50
elsevier	28,50
fortis amev	72,70
getronics	54,00
heineken	346,50
hoogovens	89,10
ing groep	75,20
kpn	73,60
knp bt	41,60
nedlloyd	53,10
philips	82,70
polygram	95,50
royal dutch	322,70
unilever	360,80
vnu	39,80
wolters kl	235,20
stork	62,00
abn amro hold	106,10
ahold	135,00
akzo nobel	260,80
dsm	181,50
elsevier	28,50
fortis amev	72,70
getronics	54,00
heineken	346,50
hoogovens	89,10
ing groep	75,20
kpn	73,60
knp bt	41,60
nedlloyd	53,10
philips	82,70
polygram	95,50
delta lloyd	48,90
euro growth	66,20
hoogrentefonds	101,40
ing bank fds	83,60
mees pierson	94,20
obam	312,00
orange fund	54,70
rabo aand	118,30
robeco	127,10
rolinco	109,60
rorento	89,40
sns fondsen	71,80
vib	62,30
abn amro aand	96,40
abn amro obl	102,10
aegon fd	88,70
alliance fd	75,30
asian tigers	142,50
delta lloyd	48,90
euro growth	66,20
hoogrentefonds	101,40
ing bank fds	83,60
mees pierson	94,20
obam	312,00
orange fund	54,70
rabo aand	118,30
robeco	127,10
rolinco	109,60
rorento	89,40
sns fondsen	71,80
vib	62,30
abn amro aand	96,40
abn amro obl	102,10
aegon fd	88,70
alliance fd	75,30
asian tigers	142,50
delta lloyd	48,90
euro growth	66,20
hoogrentefonds	101,40
ing bank fds	83,60
mees pierson	94,20
obam	312,00
orange fund	54,70
rabo aand	118,30
robeco	127,10
rolinco	109,60
rorento	89,40
sns fondsen	71,80
vib	62,30
abn amro aand	96,40
abn amro obl	102,10
aegon fd	88,70
alliance fd	75,30
asian tigers	142,50
delta lloyd	48,90
euro growth	66,20
hoogrentefonds	101,40
ing bank fds	83,60
mees pierson	94,20
obam	312,00
orange fund	54,70
rabo aand	118,30
robeco	127,10
rolinco	109,60
rorento	89,40
sns fondsen	71,80
vib	62,30
abn amro aand	96,40
abn amro obl	102,10
aegon fd	88,70
alliance fd	75,30
asian tigers	142,50
delta lloyd	48,90
euro growth	66,20
hoogrentefonds	101,40
ing bank fds	83,60
mees pierson	94,20
obam	312,00
orange fund	54,70
rabo aand	118,30
robeco	127,10
rolinco	109,60
rorento	89,40
sns fondsen	71,80
vib	62,30
abn amro aand	96,40
abn amro obl	102,10
aegon fd	88,70
alliance fd	75,30
asian tigers	142,50
delta lloyd	48,90
mees pierson	94,20
obam	312,00
orange fund	54,70
rabo aand	118,30
robeco	127,10
rolinco	109,60
rorento	89,40
sns fondsen	71,80
vib	62,30
abn amro aand	96,40
abn amro obl	102,10
aegon fd	88,70
alliance fd	75,30
asian tigers	142,50
delta lloyd	48,90
euro growth	66,20
hoogrentefonds	101,40
ing bank fds	83,60
mees pierson	94,20
obam	312,00
orange fund	54,70
rabo aand	118,30
robeco	127,10
rolinco	109,60
rorento	89,40
sns fondsen	71,80
vib	62,30
abn amro aand	96,40
abn amro obl	102,10
aegon fd	88,70
alliance fd	75,30
asian tigers	142,50
delta lloyd	48,90
euro growth	66,20
hoogrentefonds	101,40
ing bank fds	83,60
mees pierson	94,20
obam	312,00
orange fund	54,70
rabo aand	118,30
robeco	127,10
rolinco	109,60
rorento	89,40
sns fondsen	71,80
vib	62,30
abn amro aand	96,40
abn amro obl	102,10
aegon fd	88,70
alliance fd	75,30
asian tigers	142,50
delta lloyd	48,90
euro growth	66,20
hoogrentefonds	101,40
ing bank fds	83,60
mees pierson	94,20
obam	312,00
orange fund	54,70
rabo aand	118,30
robeco	127,10
rolinco	109,60
rorento	89,40
sns fondsen	71,80
vib	62,30
abn amro aand	96,40
abn amro obl	102,10
aegon fd	88,70
alliance fd	75,30
asian tigers	142,50
delta lloyd	48,90
euro growth	66,20
hoogrentefonds	101,40
ing bank fds	83,60
mees pierson	94,20
obam	312,00
orange fund	54,70
rabo aand	118,30
robeco	127,10
rolinco	109,60
rorento	89,40
sns fondsen	71,80
vib	62,30
abn amro aand	96,40
abn amro obl	102,10
aegon fd	88,70
alliance fd	75,30
asian tigers	142,50
delta lloyd	48,90
euro growth	66,20
hoogrentefonds	101,40
ing bank fds	83,60
mees pierson	94,20
6 nl 93-03	101,90
5¾ nl 94-04	98,80
7 nl 93-99	104,30
8½ nl 91-06	119,45
6¼ nl 93-23	97,10
7 nl 94-05	105,90
9 nl 90-00	113,20
7½ nl 89-99	104,80
7½ nl 93-08	110,40
6¾ nl 94-04	105,20
8¼ nl 91-01	111,85
7¾ nl 92-02	109,10
6 nl 93-03	101,90
5¾ nl 94-04	98,80
7 nl 93-99	104,30
8½ nl 91-06	119,45
6¼ nl 93-23	97,10
7 nl 94-05	105,90
9 nl 90-00	113,20
7½ nl 89-99	104,80
7½ nl 93-08	110,40
6¾ nl 94-04	105,20
8¼ nl 91-01	111,85
7¾ nl 92-02	109,10
6 nl 93-03	101,90
5¾ nl 94-04	98,80
7 nl 93-99	104,30
8½ nl 91-06	119,45
6¼ nl 93-23	97,10
7 nl 94-05	105,90
9 nl 90-00	113,20
7½ nl 89-99	104,80
7½ nl 93-08	110,40
6¾ nl 94-04	105,20
8¼ nl 91-01	111,85
7¾ nl 92-02	109,10
6 nl 93-03	101,90
5¾ nl 94-04	98,80
7 nl 93-99	104,30
8½ nl 91-06	119,45
6¼ nl 93-23	97,10
7 nl 94-05	105,90
9 nl 90-00	113,20
7½ nl 89-99	104,80
7½ nl 93-08	110,40
6¾ nl 94-04	105,20
8¼ nl 91-01	111,85
7¾ nl 92-02	109,10
6 nl 93-03	101,90
5¾ nl 94-04	98,80
7 nl 93-99	104,30
8½ nl 91-06	119,45
6¼ nl 93-23	97,10
7 nl 94-05	105,90
9 nl 90-00	113,20
7½ nl 89-99	104,80
7½ nl 93-08	110,40
6¾ nl 94-04	105,20
8¼ nl 91-01	111,85
7¾ nl 92-02	109,10
6 nl 93-03	101,90
5¾ nl 94-04	98,80
7 nl 93-99	104,30
8½ nl 91-06	119,45
6¼ nl 93-23	97,10
7 nl 94-05	105,90
9 nl 90-00	113,20
7½ nl 89-99	104,80
7½ nl 93-08	110,40
6¾ nl 94-04	105,20
8¼ nl 91-01	111,85
7¾ nl 92-02	109,10
6 nl 93-03	101,90
5¾ nl 94-04	98,80
7 nl 93-99	104,30
8½ nl 91-06	119,45
6¼ nl 93-23	97,10
7 nl 94-05	105,90
9 nl 90-00	113,20
7½ nl 89-99	104,80
7½ nl 93-08	110,40
6¾ nl 94-04	105,20
8¼ nl 91-01	111,85
7¾ nl 92-02	109,10
6 nl 93-03	101,90
5¾ nl 94-04	98,80
7 nl 93-99	104,30
8½ nl 91-06	119,45
6¼ nl 93-23	97,10
7 nl 94-05	105,90
9 nl 90-00	113,20
rotterdam	olie
brent	20,15
wti	21,40
goud	f 19.450
zilver	f 322
platina	f 22.100
koffie	1.570
cacao	1.025
suiker	11,20
tarwe	3,71
mais	2,88
sojabonen	7,82
rotterdam	olie
brent	20,15
wti	21,40
goud	f 19.450
zilver	f 322
platina	f 22.100
koffie	1.570
cacao	1.025
suiker	11,20
tarwe	3,71
mais	2,88
sojabonen	7,82
rotterdam	olie
brent	20,15
wti	21,40
goud	f 19.450
zilver	f 322
platina	f 22.100
koffie	1.570
cacao	1.025
suiker	11,20
tarwe	3,71
mais	2,88
sojabonen	7,82
rotterdam	olie
brent	20,15
wti	21,40
goud	f 19.450
zilver	f 322
platina	f 22.100
koffie	1.570
cacao	1.025
suiker	11,20
tarwe	3,71
mais	2,88
sojabonen	7,82
rotterdam	olie
brent	20,15
wti	21,40
goud	f 19.450
zilver	f 322
platina	f 22.100
koffie	1.570
cacao	1.025
suiker	11,20
tarwe	3,71
mais	2,88
sojabonen	7,82
rotterdam	olie
brent	20,15
wti	21,40
goud	f 19.450
zilver	f 322
platina	f 22.100
koffie	1.570
cacao	1.025
suiker	11,20
tarwe	3,71
mais	2,88
sojabonen	7,82
rotterdam	olie
brent	20,15
wti	21,40
goud	f 19.450
zilver	f 322
platina	f 22.100
koffie	1.570
cacao	1.025
suiker	11,20
tarwe	3,71
mais	2,88
sojabonen	7,82
rotterdam	olie
brent	20,15
wti	21,40
goud	f 19.450
zilver	f 322
platina	f 22.100
koffie	1.570
platina	f 22.100
koffie	1.570
cacao	1.025
suiker	11,20
tarwe	3,71
mais	2,88
sojabonen	7,82
rotterdam	olie
brent	20,15
wti	21,40
goud	f 19.450
zilver	f 322
platina	f 22.100
koffie	1.570
cacao	1.025
suiker	11,20
tarwe	3,71
mais	2,88
sojabonen	7,82
rotterdam	olie
brent	20,15
wti	21,40
goud	f 19.450
zilver	f 322
platina	f 22.100
koffie	1.570
cacao	1.025
suiker	11,20
tarwe	3,71
mais	2,88
sojabonen	7,82
rotterdam	olie
brent	20,15
wti	21,40
goud	f 19.450
zilver	f 322
platina	f 22.100
koffie	1.570
cacao	1.025
suiker	11,20
tarwe	3,71
mais	2,88
sojabonen	7,82
rotterdam	olie
brent	20,15
wti	21,40
goud	f 19.450
zilver	f 322
platina	f 22.100
koffie	1.570
cacao	1.025
suiker	11,20
tarwe	3,71
mais	2,88
sojabonen	7,82
rotterdam	olie
brent	20,15
wti	21,40
goud	f 19.450
zilver	f 322
platina	f 22.100
koffie	1.570
cacao	1.025
suiker	11,20
tarwe	3,71
mais	2,88
sojabonen	7,82
rotterdam	olie
brent	20,15
wti	21,40
goud	f 19.450
zilver	f 322
platina	f 22.100
koffie	1.570
cacao	1.025
suiker	11,20
tarwe	3,71
mais	2,88
sojabonen	7,82
rotterdam	olie
brent	20,15
wti	21,40
goud	f 19.450
zilver	f 322
platina	f 22.100
koffie	1.570
cacao	1.025
suiker	11,20
tarwe	3,71
mais	2,88
sojabonen	7,82
BEURS AMSTERDAM
Rente beïnvloedt beurs niet

AMSTERDAM (ANP) – Beleggers hebben zich vanmorgen niets aangetrokken van de verhoging gisteren van de Nederlandse rente met een half procentpunt tot 2,5 procent. De Amsterdamse effectenbeurs ging uitstekend van start. Na vijf minuten handel stond de graadmeter AEX 8,01 punten op 640 punten op 75,07 punten. Op de middag stond de AEX nog altijd op een winst van 6,13 punten op 775,78 punten.

AMSTERDAM (ANP) – Beleggers hebben zich vanmorgen niets aangetrokken van de verhoging gisteren van de Nederlandse rente met een half procentpunt tot 2,5 procent. De Amsterdamse effectenbeurs ging uitstekend van start. Na vijf minuten handel stond de graadmeter AEX 8,01 punten op 640 punten op 75,07 punten. Op de middag stond de AEX nog altijd op een winst van 6,13 punten op 775,78 punten.

AMSTERDAM (ANP) – Beleggers hebben zich vanmorgen niets aangetrokken van de verhoging gisteren van de Nederlandse rente met een half procentpunt tot 2,5 procent. De Amsterdamse effectenbeurs ging uitstekend van start. Na vijf minuten handel stond de graadmeter AEX 8,01 punten op 640 punten op 75,07 punten. Op de middag stond de AEX nog altijd op een winst van 6,13 punten op 775,78 punten.

AMSTERDAM (ANP) – Beleggers hebben zich vanmorgen niets aangetrokken van de verhoging gisteren van de Nederlandse rente met een half procentpunt tot 2,5 procent. De Amsterdamse effectenbeurs ging uitstekend van start. Na vijf minuten handel stond de graadmeter AEX 8,01 punten op 640 punten op 75,07 punten. Op de middag stond de AEX nog altijd op een winst van 6,13 punten op 775,78 punten.

AMSTERDAM (ANP) – Beleggers hebben zich vanmorgen niets aangetrokken van de verhoging gisteren van de Nederlandse rente met een half procentpunt tot 2,5 procent. De Amsterdamse effectenbeurs ging uitstekend van start. Na vijf minuten handel stond de graadmeter AEX 8,01 punten op 640 punten op 75,07 punten. Op de middag stond de AEX nog altijd op een winst van 6,13 punten op 775,78 punten.

BEURS NEW YORK
Weer record op Wall Street

NEW YORK (RTP/ANP) – Wall Street had gisteren weer een zeer sterke dag. De Dow Jones-index eindigde 78,50 punten hoger op 7079,39, wat een record is. Het aanhoudende vertrouwen in de Amerikaanse economie deed de koersen stijgen.

NEW YORK (RTP/ANP) – Wall Street had gisteren weer een zeer sterke dag. De Dow Jones-index eindigde 78,50 punten hoger op 7079,39, wat een record is. Het aanhoudende vertrouwen in de Amerikaanse economie deed de koersen stijgen.

NEW YORK (RTP/ANP) – Wall Street had gisteren weer een zeer sterke dag. De Dow Jones-index eindigde 78,50 punten hoger op 7079,39, wat een record is. Het aanhoudende vertrouwen in de Amerikaanse economie deed de koersen stijgen.

alcoa	71¾
amer expr	63½
at&t	38¼
boeing	106⅛
chevron	66⅞
coca cola	60¼
disney	77⅝
du pont	107⅛
exxon	101⅜
gen electric	104¾
gen motors	58½
ibm	149⅝
mcdonalds	46½
merck	96⅝
philip morris	125¼
alcoa	71¾
amer expr	63½
at&t	38¼
boeing	106⅛
chevron	66⅞
coca cola	60¼
disney	77⅝
du pont	107⅛
exxon	101⅜
gen electric	104¾
gen motors	58½
ibm	149⅝
mcdonalds	46½
merck	96⅝
philip morris	125¼
alcoa	71¾
amer expr	63½
at&t	38¼
boeing	106⅛
chevron	66⅞
coca cola	60¼
disney	77⅝
du pont	107⅛
exxon	101⅜
gen electric	104¾
gen motors	58½
ibm	149⅝
mcdonalds	46½
merck	96⅝
philip morris	125¼
alcoa	71¾
amer expr	63½
at&t	38¼
boeing	106⅛
chevron	66⅞
coca cola	60¼
disney	77⅝
du pont	107⅛
exxon	101⅜
gen electric	104¾
gen motors	58½
ibm	149⅝
mcdonalds	46½
merck	96⅝
philip morris	125¼
INDICES
cbs koersindex	401,20 403,50
aex-index	769,65 775,78
cbs algemeen	355,30 357,10
midkap-index	532,40 534,60
dow jones	7000,89 7079,39
nasdaq	1354,20 1360,60
dax	3361,30 3372,10
ftse 100	4340,60 4311,30
nikkei	18542,10 18610,40
cac 40	2612,80 2621,40
cbs koersindex	401,20 403,50
aex-index	769,65 775,78
cbs algemeen	355,30 357,10
midkap-index	532,40 534,60
dow jones	7000,89 7079,39
nasdaq	1354,20 1360,60
dax	3361,30 3372,10
ftse 100	4340,60 4311,30
nikkei	18542,10 18610,40
cac 40	2612,80 2621,40
cbs koersindex	401,20 403,50
aex-index	769,65 775,78
cbs algemeen	355,30 357,10
midkap-index	532,40 534,60
dow jones	7000,89 7079,39
nasdaq	1354,20 1360,60
dax	3361,30 3372,10
ftse 100	4340,60 4311,30
nikkei	18542,10 18610,40
cac 40	2612,80 2621,40
cbs koersindex	401,20 403,50
aex-index	769,65 775,78
cbs algemeen	355,30 357,10
midkap-index	532,40 534,60
dow jones	7000,89 7079,39
nasdaq	1354,20 1360,60
dax	3361,30 3372,10
ftse 100	4340,60 4311,30
nikkei	18542,10 18610,40
cac 40	2612,80 2621,40
cbs koersindex	401,20 403,50
aex-index	769,65 775,78
cbs algemeen	355,30 357,10
midkap-index	532,40 534,60
dow jones	7000,89 7079,39
nasdaq	1354,20 1360,60
dax	3361,30 3372,10
ftse 100	4340,60 4311,30
nikkei	18542,10 18610,40
cac 40	2612,80 2621,40
cbs koersindex	401,20 403,50
aex-index	769,65 775,78
cbs algemeen	355,30 357,10
midkap-index	532,40 534,60
dow jones	7000,89 7079,39
nasdaq	1354,20 1360,60
dax	3361,30 3372,10
ftse 100	4340,60 4311,30
nikkei	18542,10 18610,40
cac 40	2612,80 2621,40
cbs koersindex	401,20 403,50
aex-index	769,65 775,78
cbs algemeen	355,30 357,10
midkap-index	532,40 534,60
dow jones	7000,89 7079,39
nasdaq	1354,20 1360,60
dax	3361,30 3372,10
ftse 100	4340,60 4311,30
nikkei	18542,10 18610,40
cac 40	2612,80 2621,40
cbs koersindex	401,20 403,50
aex-index	769,65 775,78
cbs algemeen	355,30 357,10
midkap-index	532,40 534,60
dow jones	7000,89 7079,39
nasdaq	1354,20 1360,60
dax	3361,30 3372,10
ftse 100	4340,60 4311,30
nikkei	18542,10 18610,40
cac 40	2612,80 2621,40
cbs koersindex	401,20 403,50
aex-index	769,65 775,78
cbs algemeen	355,30 357,10
midkap-index	532,40 534,60
dow jones	7000,89 7079,39
nasdaq	1354,20 1360,60
dax	3361,30 3372,10
ftse 100	4340,60 4311,30
nikkei	18542,10 18610,40
cac 40	2612,80 2621,40
cbs koersindex	401,20 403,50
aex-index	769,65 775,78
cbs algemeen	355,30 357,10
midkap-index	532,40 534,60
dow jones	7000,89 7079,39
nasdaq	1354,20 1360,60
dax	3361,30 3372,10
ftse 100	4340,60 4311,30
nikkei	18542,10 18610,40
cac 40	2612,80 2621,40
ECONOMISCH KORT

■ Rabo-dochter De Lage Landen heeft de winst vorig jaar zien stijgen van 7,39 miljoen tot 91,7 miljoen gulden.

■ Het Amerikaanse voedingsmiddelenconcern Heinz wil volgens The Wall Street Journal 6 procent van zijn 42.000 werknemers ontslaan.

■ Het effectenhuis Nomura, het grootste van Japan, is ontdaan door een grote fraudezaak.

■ Als het aan de Franse president Chirac ligt, krijgen alle scholen in het land computers.

GOEDERENMARKTEN
rotterdam	olie
brent	20,15
wti	21,40
goud	f 19.450
zilver	f 322
platina	f 22.100
koffie	1.570
cacao	1.025
suiker	11,20
tarwe	3,71
mais	2,88
sojabonen	7,82
rotterdam	olie
brent	20,15
wti	21,40
goud	f 19.450
zilver	f 322
platina	f 22.100
koffie	1.570
cacao	1.025
suiker	11,20
tarwe	3,71
mais	2,88
sojabonen	7,82
rotterdam	olie
brent	20,15
wti	21,40
goud	f 19.450
zilver	f 322
platina	f 22.100
koffie	1.570
cacao	1.025
suiker	11,20
tarwe	3,71
mais	2,88
sojabonen	7,82
rotterdam	olie
brent	20,15
wti	21,40
goud	f 19.450
zilver	f 322
platina	f 22.100
koffie	1.570
cacao	1.025
suiker	11,20
tarwe	3,71
mais	2,88
sojabonen	7,82
rotterdam	olie
brent	20,15
wti	21,40
goud	f 19.450
zilver	f 322
platina	f 22.100
koffie	1.570
cacao	1.025
suiker	11,20
tarwe	3,71
mais	2,88
sojabonen	7,82
rotterdam	olie
brent	20,15
wti	21,40
goud	f 19.450
zilver	f 322
platina	f 22.100
koffie	1.570
cacao	1.025
suiker	11,20
tarwe	3,71
mais	2,88
sojabonen	7,82
rotterdam	olie
brent	20,15
wti	21,40
goud	f 19.450
zilver	f 322
platina	f 22.100
koffie	1.570
cacao	1.025
dow jones	7000,89 7079,39
nasdaq	1354,20 1360,60
dax	3361,30 3372,10
ftse 100	4340,60 4311,30
nikkei	18542,10 18610,40
cac 40	2612,80 2621,40
cbs koersindex	401,20 403,50
aex-index	769,65 775,78
cbs algemeen	355,30 357,10
midkap-index	532,40 534,60
dow jones	7000,89 7079,39
nasdaq	1354,20 1360,60
dax	3361,30 3372,10
ftse 100	4340,60 4311,30
nikkei	18542,10 18610,40
cac 40	2612,80 2621,40
cbs koersindex	401,20 403,50
aex-index	769,65 775,78
cbs algemeen	355,30 357,10
midkap-index	532,40 534,60
dow jones	7000,89 7079,39
nasdaq	1354,20 1360,60
dax	3361,30 3372,10
ftse 100	4340,60 4311,30
nikkei	18542,10 18610,40
cac 40	2612,80 2621,40
cbs koersindex	401,20 403,50
aex-index	769,65 775,78
cbs algemeen	355,30 357,10
midkap-index	532,40 534,60
dow jones	7000,89 7079,39
nasdaq	1354,20 1360,60
dax	3361,30 3372,10
ftse 100	4340,60 4311,30
nikkei	18542,10 18610,40
cac 40	2612,80 2621,40
cbs koersindex	401,20 403,50
aex-index	769,65 775,78
cbs algemeen	355,30 357,10
midkap-index	532,40 534,60
dow jones	7000,89 7079,39
nasdaq	1354,20 1360,60
dax	3361,30 3372,10
ftse 100	4340,60 4311,30
nikkei	18542,10 18610,40
cac 40	2612,80 2621,40
cbs koersindex	401,20 403,50
aex-index	769,65 775,78
cbs algemeen	355,30 357,10
midkap-index	532,40 534,60
dow jones	7000,89 7079,39
nasdaq	1354,20 1360,60
dax	3361,30 3372,10
ftse 100	4340,60 4311,30
nikkei	18542,10 18610,40
cac 40	2612,80 2621,40
cbs koersindex	401,20 403,50
aex-index	769,65 775,78
cbs algemeen	355,30 357,10
midkap-index	532,40 534,60
dow jones	7000,89 7079,39
nasdaq	1354,20 1360,60
dax	3361,30 3372,10
ftse 100	4340,60 4311,30
nikkei	18542,10 18610,40
cac 40	2612,80 2621,40
cbs koersindex	401,20 403,50
aex-index	769,65 775,78
cbs algemeen	355,30 357,10
midkap-index	532,40 534,60
dow jones	7000,89 7079,39
nasdaq	1354,20 1360,60
dax	3361,30 3372,10
ftse 100	4340,60 4311,30
nikkei	18542,10 18610,40
cac 40	2612,80 2621,40
cbs koersindex	401,20 403,50
aex-index	769,65 775,78
cbs algemeen	355,30 357,10
midkap-index	532,40 534,60
dow jones	7000,89 7079,39
nasdaq	1354,20 1360,60
dax	3361,30 3372,10
